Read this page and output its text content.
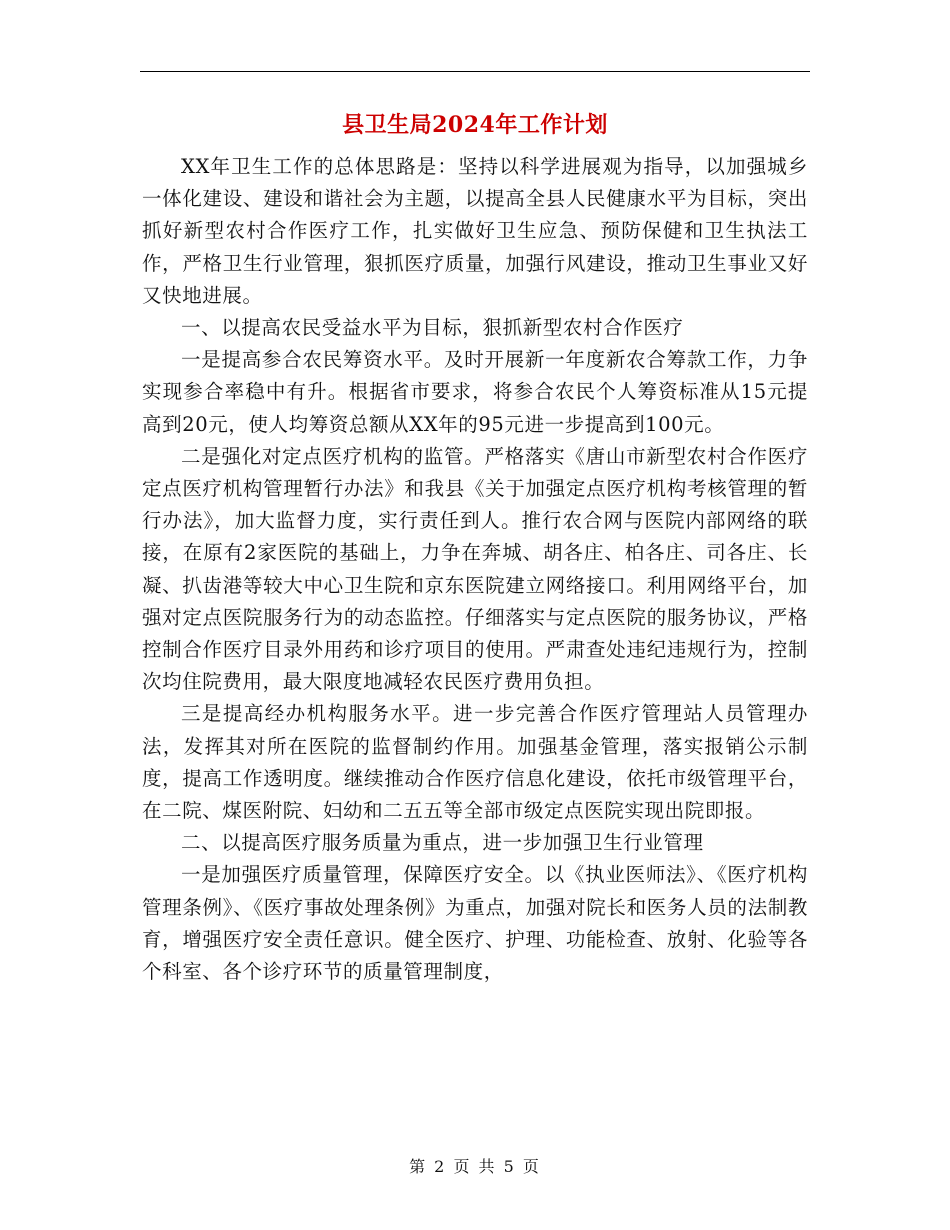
县卫生局2024年工作计划

XX年卫生工作的总体思路是：坚持以科学进展观为指导，以加强城乡一体化建设、建设和谐社会为主题，以提高全县人民健康水平为目标，突出抓好新型农村合作医疗工作，扎实做好卫生应急、预防保健和卫生执法工作，严格卫生行业管理，狠抓医疗质量，加强行风建设，推动卫生事业又好又快地进展。

一、以提高农民受益水平为目标，狠抓新型农村合作医疗

一是提高参合农民筹资水平。及时开展新一年度新农合筹款工作，力争实现参合率稳中有升。根据省市要求，将参合农民个人筹资标准从15元提高到20元，使人均筹资总额从XX年的95元进一步提高到100元。

二是强化对定点医疗机构的监管。严格落实《唐山市新型农村合作医疗定点医疗机构管理暂行办法》和我县《关于加强定点医疗机构考核管理的暂行办法》，加大监督力度，实行责任到人。推行农合网与医院内部网络的联接，在原有2家医院的基础上，力争在奔城、胡各庄、柏各庄、司各庄、长凝、扒齿港等较大中心卫生院和京东医院建立网络接口。利用网络平台，加强对定点医院服务行为的动态监控。仔细落实与定点医院的服务协议，严格控制合作医疗目录外用药和诊疗项目的使用。严肃查处违纪违规行为，控制次均住院费用，最大限度地减轻农民医疗费用负担。

三是提高经办机构服务水平。进一步完善合作医疗管理站人员管理办法，发挥其对所在医院的监督制约作用。加强基金管理，落实报销公示制度，提高工作透明度。继续推动合作医疗信息化建设，依托市级管理平台，在二院、煤医附院、妇幼和二五五等全部市级定点医院实现出院即报。

二、以提高医疗服务质量为重点，进一步加强卫生行业管理

一是加强医疗质量管理，保障医疗安全。以《执业医师法》、《医疗机构管理条例》、《医疗事故处理条例》为重点，加强对院长和医务人员的法制教育，增强医疗安全责任意识。健全医疗、护理、功能检查、放射、化验等各个科室、各个诊疗环节的质量管理制度，

第 2 页 共 5 页
